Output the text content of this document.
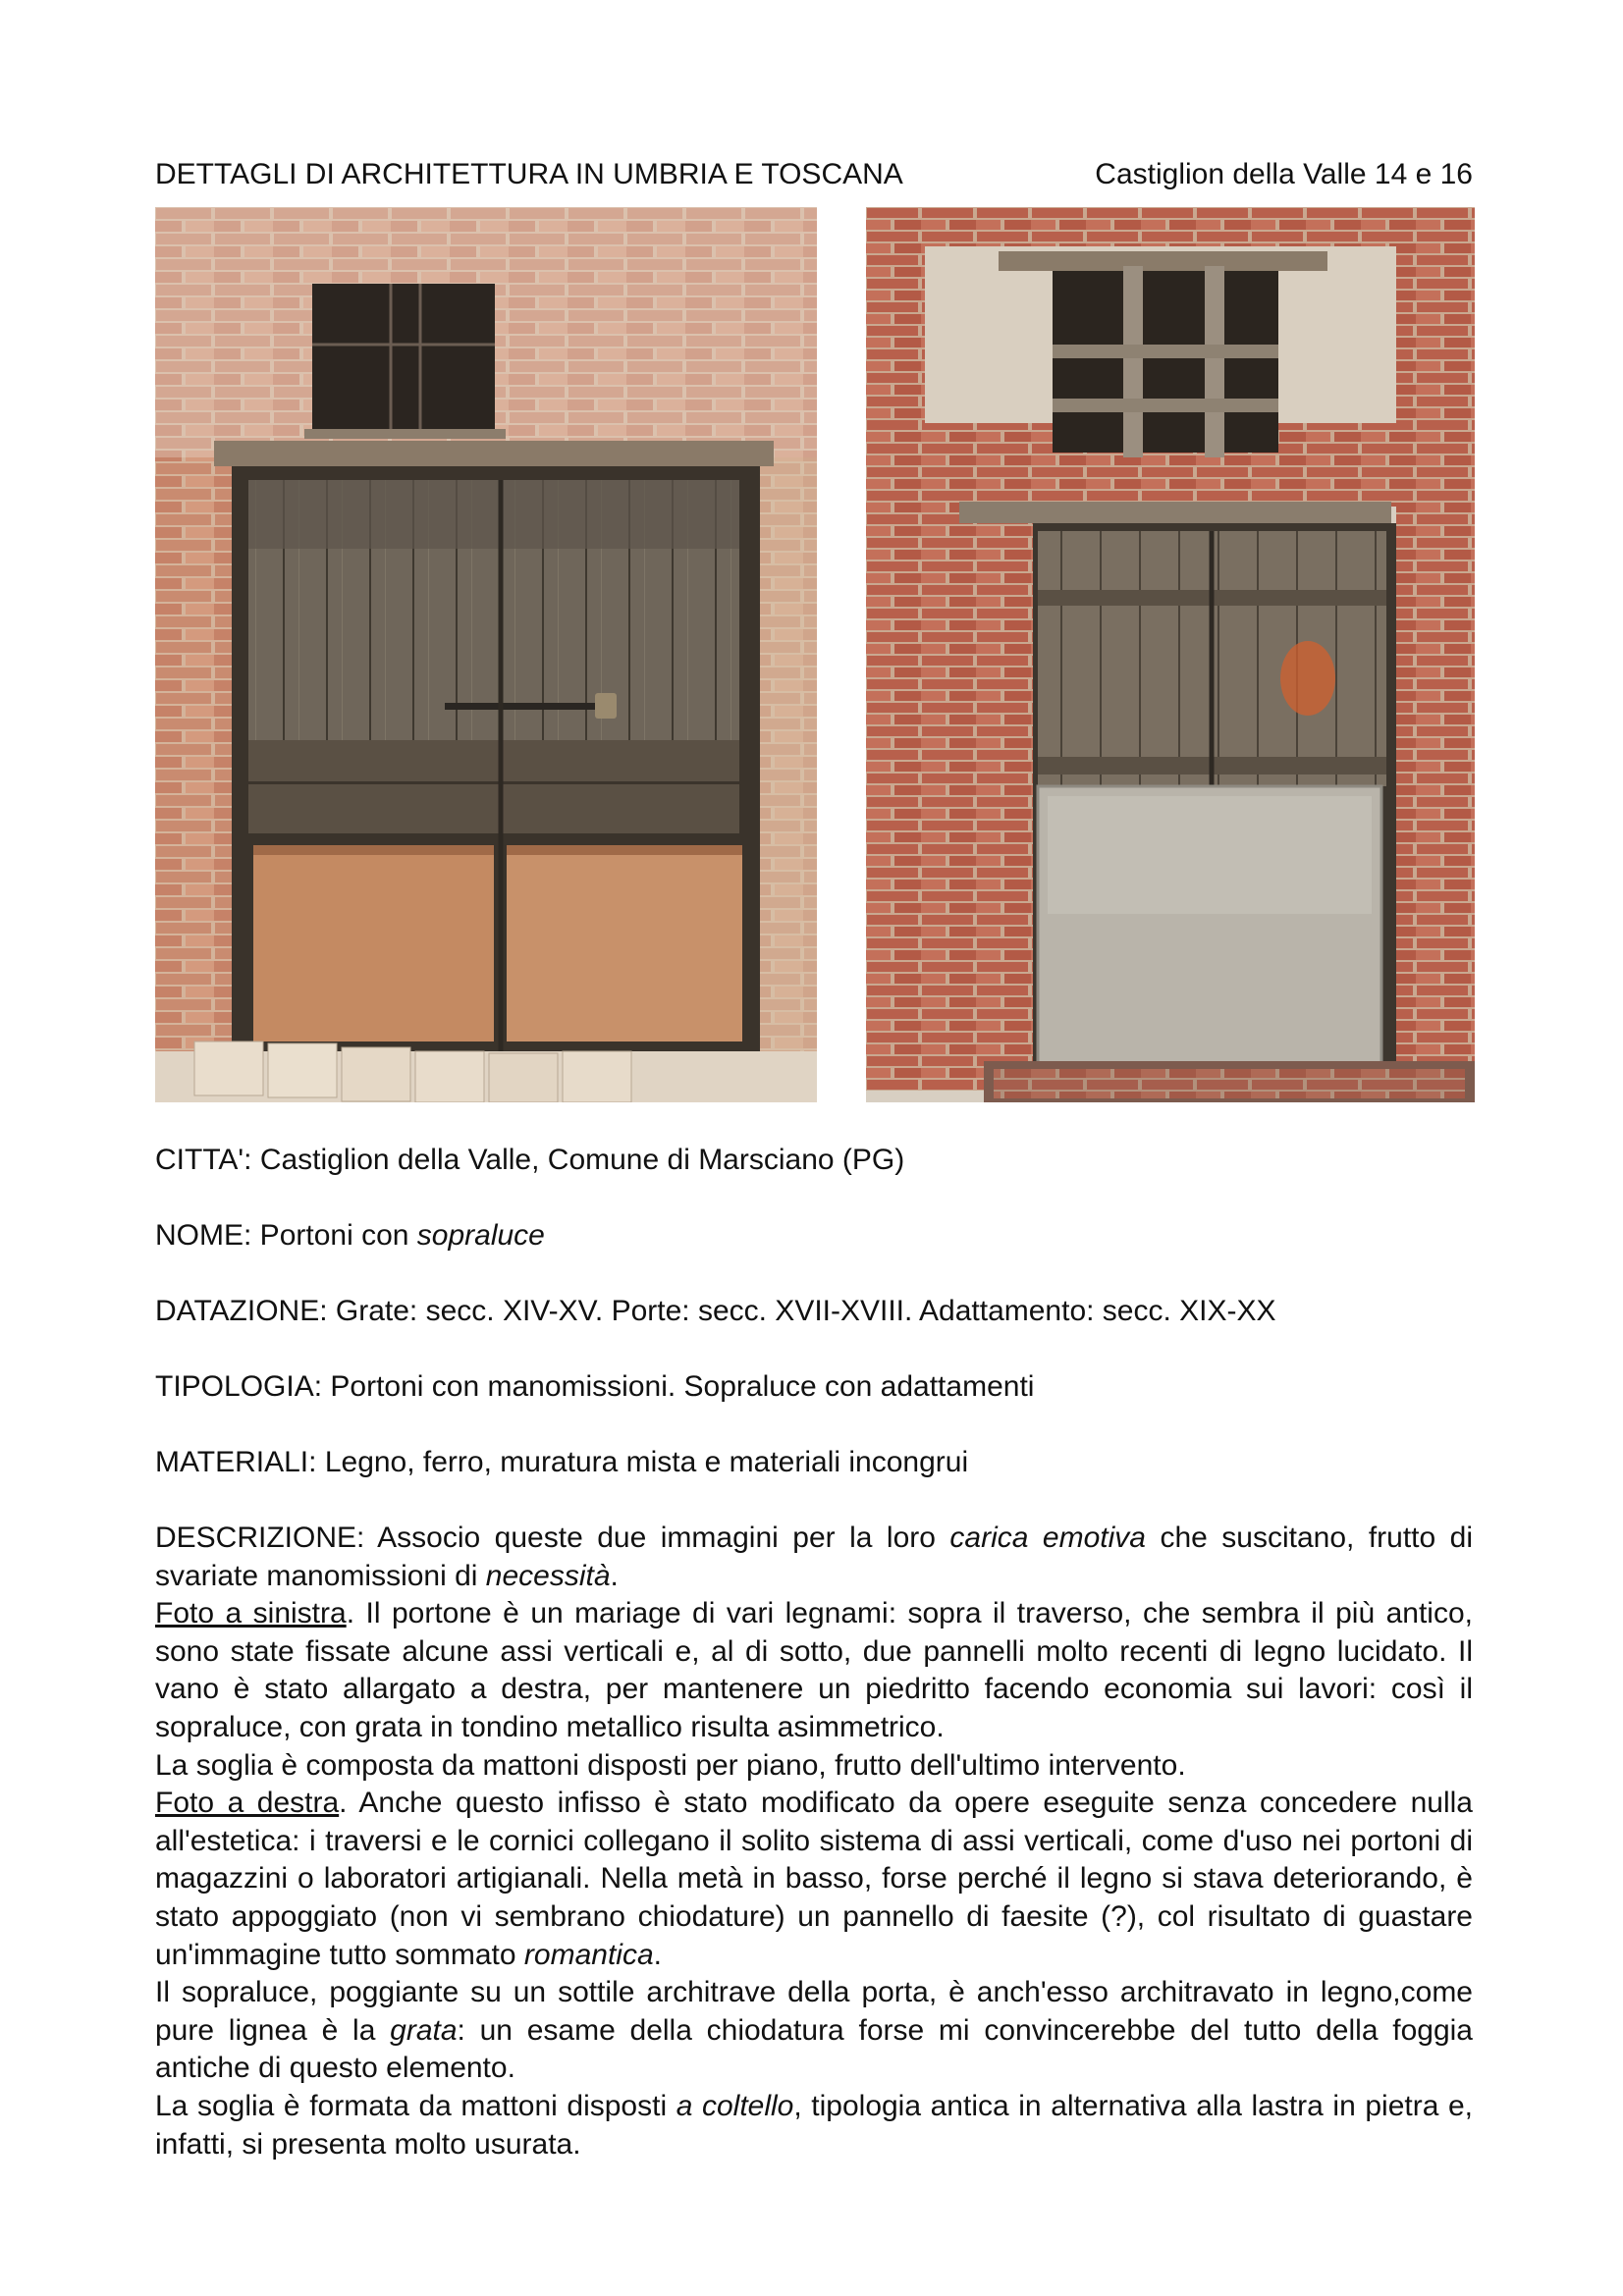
DETTAGLI DI ARCHITETTURA IN UMBRIA E TOSCANA	Castiglion della Valle 14 e 16
CITTA': Castiglion della Valle, Comune di Marsciano (PG)
NOME: Portoni con sopraluce
DATAZIONE: Grate: secc. XIV-XV. Porte: secc. XVII-XVIII. Adattamento: secc. XIX-XX
TIPOLOGIA: Portoni con manomissioni. Sopraluce con adattamenti
MATERIALI: Legno, ferro, muratura mista e materiali incongrui

DESCRIZIONE: Associo queste due immagini per la loro carica emotiva che suscitano, frutto di svariate manomissioni di necessità.

Foto a sinistra. Il portone è un mariage di vari legnami: sopra il traverso, che sembra il più antico, sono state fissate alcune assi verticali e, al di sotto, due pannelli molto recenti di legno lucidato. Il vano è stato allargato a destra, per mantenere un piedritto facendo economia sui lavori: così il sopraluce, con grata in tondino metallico risulta asimmetrico.

La soglia è composta da mattoni disposti per piano, frutto dell'ultimo intervento.

Foto a destra. Anche questo infisso è stato modificato da opere eseguite senza concedere nulla all'estetica: i traversi e le cornici collegano il solito sistema di assi verticali, come d'uso nei portoni di magazzini o laboratori artigianali. Nella metà in basso, forse perché il legno si stava deteriorando, è stato appoggiato (non vi sembrano chiodature) un pannello di faesite (?), col risultato di guastare un'immagine tutto sommato romantica.

Il sopraluce, poggiante su un sottile architrave della porta, è anch'esso architravato in legno,come pure lignea è la grata: un esame della chiodatura forse mi convincerebbe del tutto della foggia antiche di questo elemento.

La soglia è formata da mattoni disposti a coltello, tipologia antica in alternativa alla lastra in pietra e, infatti, si presenta molto usurata.
